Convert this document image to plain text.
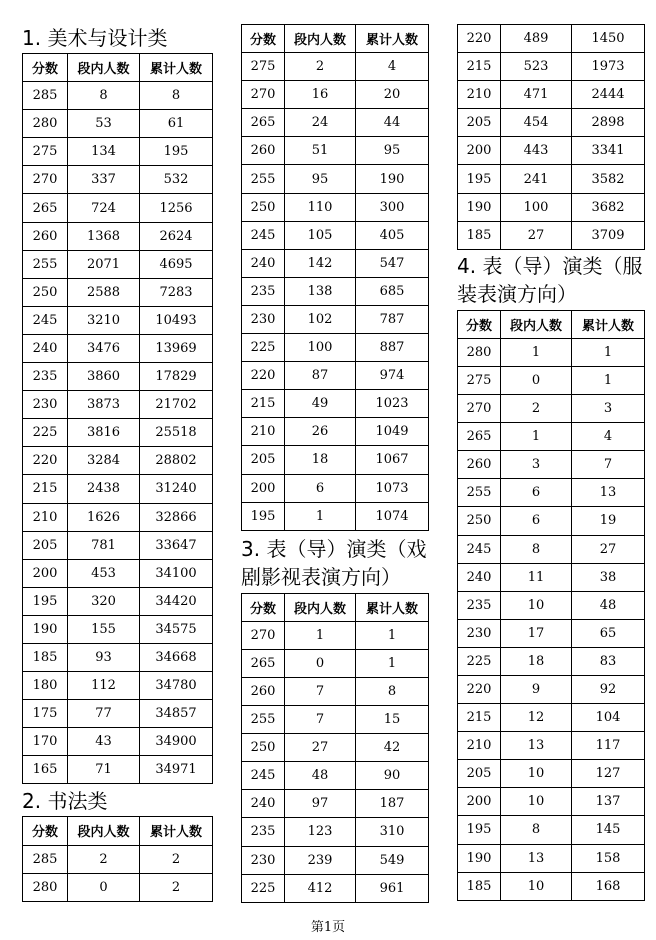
1. 美术与设计类
分数	段内人数	累计人数
285	8	8
280	53	61
275	134	195
270	337	532
265	724	1256
260	1368	2624
255	2071	4695
250	2588	7283
245	3210	10493
240	3476	13969
235	3860	17829
230	3873	21702
225	3816	25518
220	3284	28802
215	2438	31240
210	1626	32866
205	781	33647
200	453	34100
195	320	34420
190	155	34575
185	93	34668
180	112	34780
175	77	34857
170	43	34900
165	71	34971
2. 书法类
分数	段内人数	累计人数
285	2	2
280	0	2
分数	段内人数	累计人数
275	2	4
270	16	20
265	24	44
260	51	95
255	95	190
250	110	300
245	105	405
240	142	547
235	138	685
230	102	787
225	100	887
220	87	974
215	49	1023
210	26	1049
205	18	1067
200	6	1073
195	1	1074
3. 表（导）演类（戏剧影视表演方向）
分数	段内人数	累计人数
270	1	1
265	0	1
260	7	8
255	7	15
250	27	42
245	48	90
240	97	187
235	123	310
230	239	549
225	412	961
220	489	1450
215	523	1973
210	471	2444
205	454	2898
200	443	3341
195	241	3582
190	100	3682
185	27	3709
4. 表（导）演类（服装表演方向）
分数	段内人数	累计人数
280	1	1
275	0	1
270	2	3
265	1	4
260	3	7
255	6	13
250	6	19
245	8	27
240	11	38
235	10	48
230	17	65
225	18	83
220	9	92
215	12	104
210	13	117
205	10	127
200	10	137
195	8	145
190	13	158
185	10	168
第1页
